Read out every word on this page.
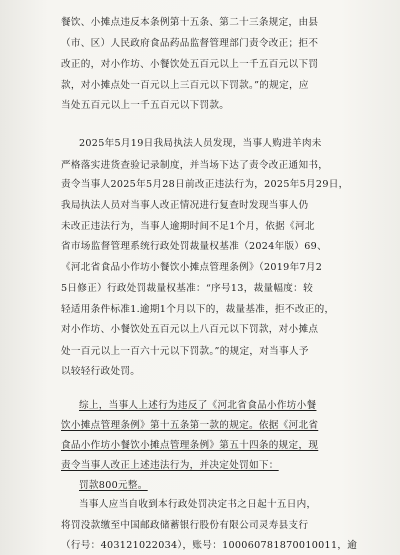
餐饮、小摊点违反本条例第十五条、第二十三条规定，由县
（市、区）人民政府食品药品监督管理部门责令改正；拒不
改正的，对小作坊、小餐饮处五百元以上一千五百元以下罚
款，对小摊点处一百元以上三百元以下罚款。”的规定，应
当处五百元以上一千五百元以下罚款。
2025年5月19日我局执法人员发现，当事人购进羊肉未
严格落实进货查验记录制度，并当场下达了责令改正通知书，
责令当事人2025年5月28日前改正违法行为，2025年5月29日，
我局执法人员对当事人改正情况进行复查时发现当事人仍
未改正违法行为，当事人逾期时间不足1个月，依据《河北
省市场监督管理系统行政处罚裁量权基准（2024年版）69、
《河北省食品小作坊小餐饮小摊点管理条例》（2019年7月2
5日修正）行政处罚裁量权基准：“序号13，裁量幅度：较
轻适用条件标准1.逾期1个月以下的，裁量基准，拒不改正的，
对小作坊、小餐饮处五百元以上八百元以下罚款，对小摊点
处一百元以上一百六十元以下罚款。”的规定，对当事人予
以较轻行政处罚。
综上，当事人上述行为违反了《河北省食品小作坊小餐
饮小摊点管理条例》第十五条第一款的规定。依据《河北省
食品小作坊小餐饮小摊点管理条例》第五十四条的规定，现
责令当事人改正上述违法行为，并决定处罚如下：
罚款800元整。
当事人应当自收到本行政处罚决定书之日起十五日内，
将罚没款缴至中国邮政储蓄银行股份有限公司灵寿县支行
（行号：403121022034），账号：100060781870010011，逾
